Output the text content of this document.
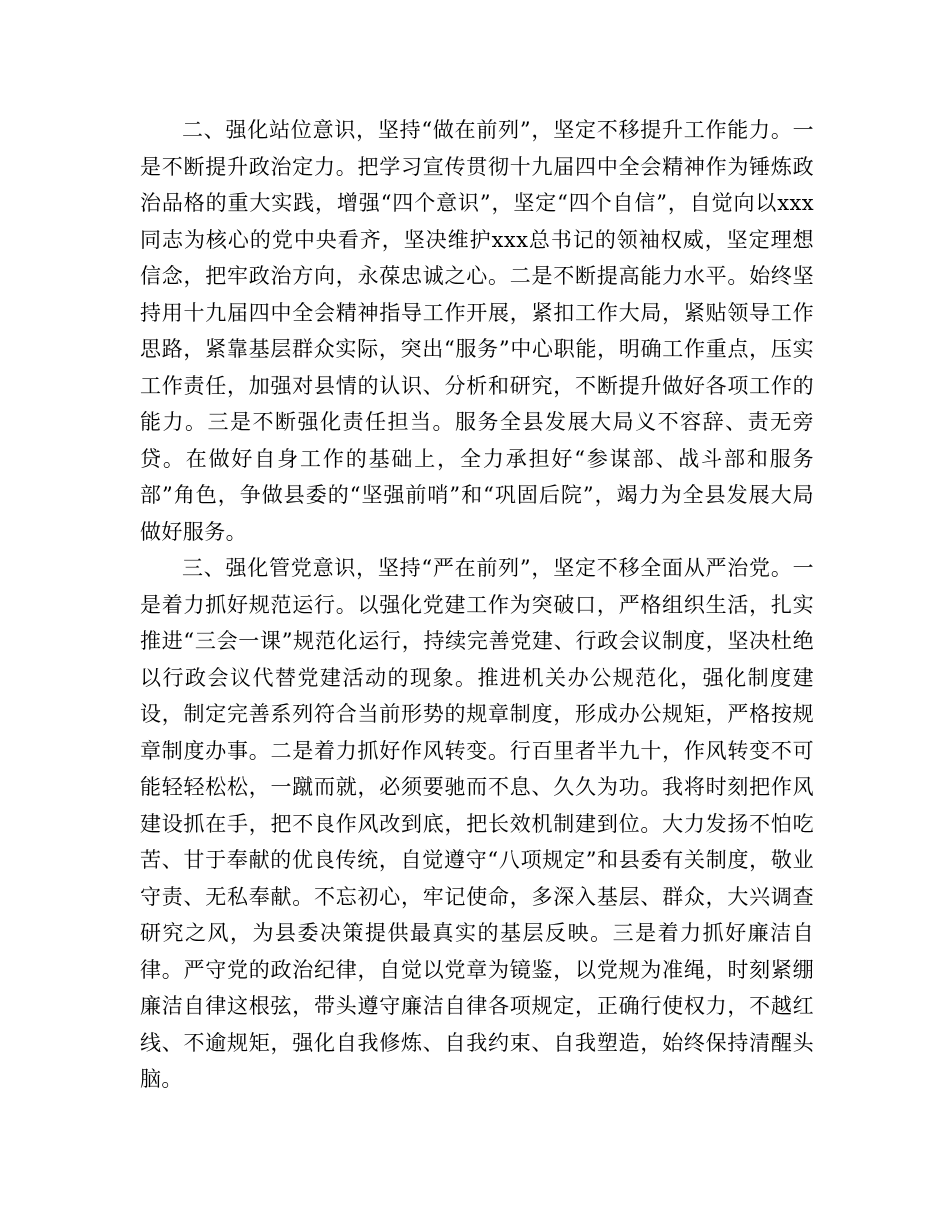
二、强化站位意识，坚持“做在前列”，坚定不移提升工作能力。一是不断提升政治定力。把学习宣传贯彻十九届四中全会精神作为锤炼政治品格的重大实践，增强“四个意识”，坚定“四个自信”，自觉向以xxx同志为核心的党中央看齐，坚决维护xxx总书记的领袖权威，坚定理想信念，把牢政治方向，永葆忠诚之心。二是不断提高能力水平。始终坚持用十九届四中全会精神指导工作开展，紧扣工作大局，紧贴领导工作思路，紧靠基层群众实际，突出“服务”中心职能，明确工作重点，压实工作责任，加强对县情的认识、分析和研究，不断提升做好各项工作的能力。三是不断强化责任担当。服务全县发展大局义不容辞、责无旁贷。在做好自身工作的基础上，全力承担好“参谋部、战斗部和服务部”角色，争做县委的“坚强前哨”和“巩固后院”，竭力为全县发展大局做好服务。

三、强化管党意识，坚持“严在前列”，坚定不移全面从严治党。一是着力抓好规范运行。以强化党建工作为突破口，严格组织生活，扎实推进“三会一课”规范化运行，持续完善党建、行政会议制度，坚决杜绝以行政会议代替党建活动的现象。推进机关办公规范化，强化制度建设，制定完善系列符合当前形势的规章制度，形成办公规矩，严格按规章制度办事。二是着力抓好作风转变。行百里者半九十，作风转变不可能轻轻松松，一蹴而就，必须要驰而不息、久久为功。我将时刻把作风建设抓在手，把不良作风改到底，把长效机制建到位。大力发扬不怕吃苦、甘于奉献的优良传统，自觉遵守“八项规定”和县委有关制度，敬业守责、无私奉献。不忘初心，牢记使命，多深入基层、群众，大兴调查研究之风，为县委决策提供最真实的基层反映。三是着力抓好廉洁自律。严守党的政治纪律，自觉以党章为镜鉴，以党规为准绳，时刻紧绷廉洁自律这根弦，带头遵守廉洁自律各项规定，正确行使权力，不越红线、不逾规矩，强化自我修炼、自我约束、自我塑造，始终保持清醒头脑。
